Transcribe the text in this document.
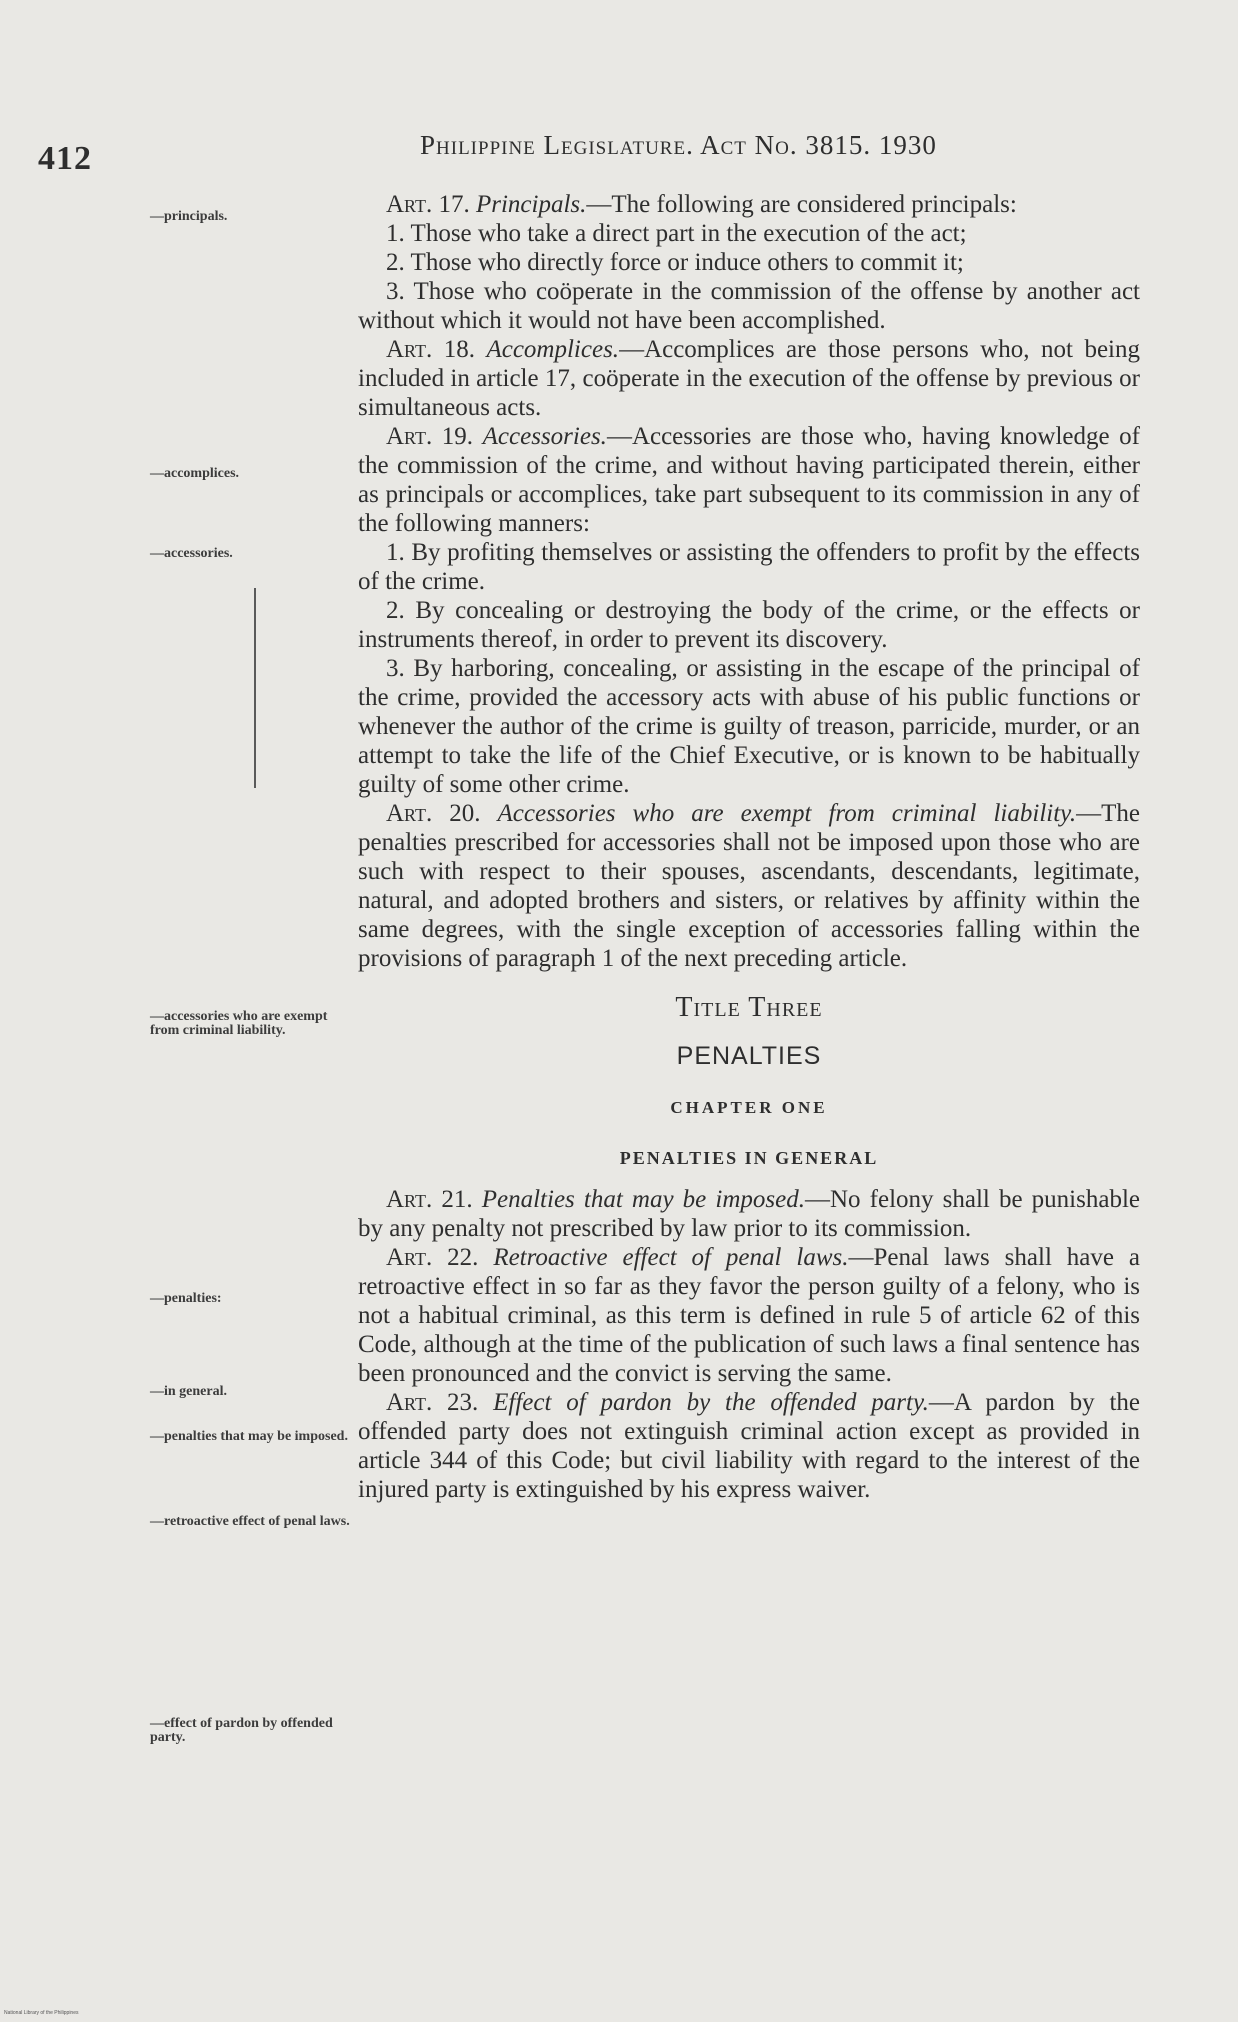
412	Philippine Legislature. Act No. 3815. 1930
—principals.
—accomplices.
—accessories.
—accessories who are exempt from criminal liability.
—penalties:
—in general.
—penalties that may be imposed.
—retroactive effect of penal laws.
—effect of pardon by offended party.

Art. 17. Principals.—The following are considered principals:

1. Those who take a direct part in the execution of the act;

2. Those who directly force or induce others to commit it;

3. Those who coöperate in the commission of the offense by another act without which it would not have been accomplished.

Art. 18. Accomplices.—Accomplices are those persons who, not being included in article 17, coöperate in the execution of the offense by previous or simultaneous acts.

Art. 19. Accessories.—Accessories are those who, having knowledge of the commission of the crime, and without having participated therein, either as principals or accomplices, take part subsequent to its commission in any of the following manners:

1. By profiting themselves or assisting the offenders to profit by the effects of the crime.

2. By concealing or destroying the body of the crime, or the effects or instruments thereof, in order to prevent its discovery.

3. By harboring, concealing, or assisting in the escape of the principal of the crime, provided the accessory acts with abuse of his public functions or whenever the author of the crime is guilty of treason, parricide, murder, or an attempt to take the life of the Chief Executive, or is known to be habitually guilty of some other crime.

Art. 20. Accessories who are exempt from criminal liability.—The penalties prescribed for accessories shall not be imposed upon those who are such with respect to their spouses, ascendants, descendants, legitimate, natural, and adopted brothers and sisters, or relatives by affinity within the same degrees, with the single exception of accessories falling within the provisions of paragraph 1 of the next preceding article.

Title Three

PENALTIES

CHAPTER ONE

PENALTIES IN GENERAL

Art. 21. Penalties that may be imposed.—No felony shall be punishable by any penalty not prescribed by law prior to its commission.

Art. 22. Retroactive effect of penal laws.—Penal laws shall have a retroactive effect in so far as they favor the person guilty of a felony, who is not a habitual criminal, as this term is defined in rule 5 of article 62 of this Code, although at the time of the publication of such laws a final sentence has been pronounced and the convict is serving the same.

Art. 23. Effect of pardon by the offended party.—A pardon by the offended party does not extinguish criminal action except as provided in article 344 of this Code; but civil liability with regard to the interest of the injured party is extinguished by his express waiver.

National Library of the Philippines
